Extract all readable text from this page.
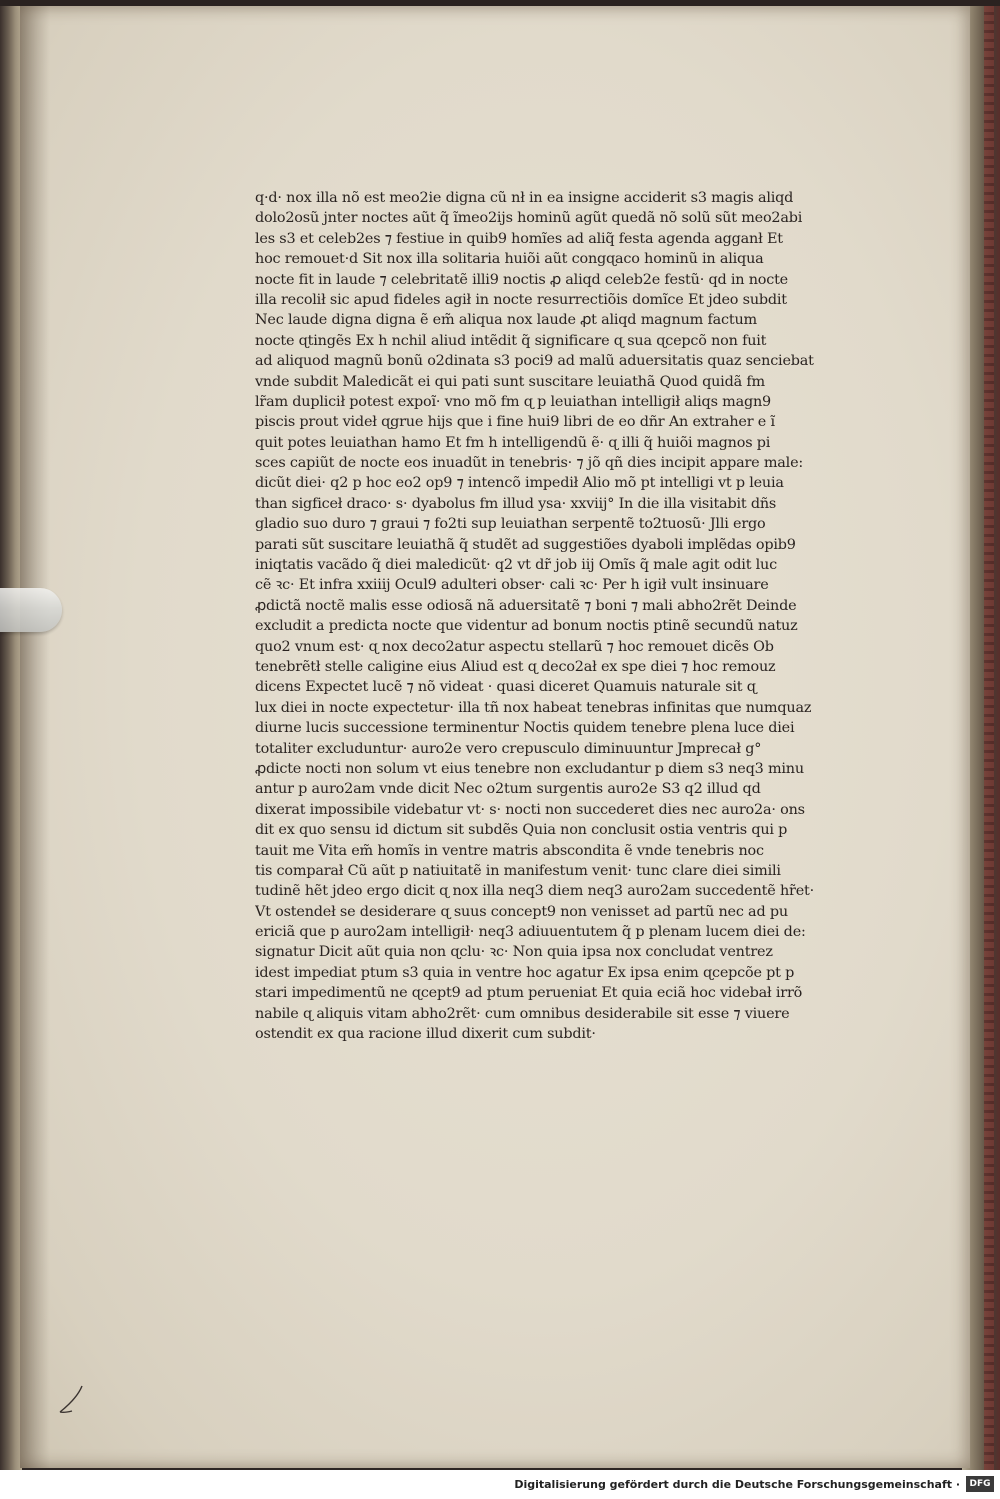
q·d· nox illa nõ est meo2ie digna cũ nł in ea insigne acciderit s3 magis aliqd
dolo2osũ jnter noctes aũt q̃ ĩmeo2ijs hominũ agũt quedã nõ solũ sũt meo2abi
les s3 et celeb2es ⁊ festiue in quib9 homĩes ad aliq̃ festa agenda agganł Et
hoc remouet·d Sit nox illa solitaria huiõi aũt congɋaco hominũ in aliqua
nocte fit in laude ⁊ celebritatẽ illi9 noctis ꝓ aliqd celeb2e festũ· qd in nocte
illa recolił sic apud fideles agił in nocte resurrectiõis domĩce Et jdeo subdit
Nec laude digna digna ẽ em̃ aliqua nox laude ꝓt aliqd magnum factum
nocte ɋtingẽs Ex h nchil aliud intẽdit q̃ significare ɋ sua ɋcepcõ non fuit
ad aliquod magnũ bonũ o2dinata s3 poci9 ad malũ aduersitatis quaz senciebat
vnde subdit Maledicãt ei qui pati sunt suscitare leuiathã Quod quidã fm
lr̃am duplicił potest expoĩ· vno mõ fm ɋ p leuiathan intelligił aliqs magn9
piscis prout videł ɋgrue hijs que i fine hui9 libri de eo dñr An extraher e ĩ
quit potes leuiathan hamo Et fm h intelligendũ ẽ· ɋ illi q̃ huiõi magnos pi
sces capiũt de nocte eos inuadũt in tenebris· ⁊ jõ qñ dies incipit appare male:
dicũt diei· q2 p hoc eo2 op9 ⁊ intencõ impedił Alio mõ pt intelligi vt p leuia
than sigficeł draco· s· dyabolus fm illud ysa· xxviij° In die illa visitabit dñs
gladio suo duro ⁊ graui ⁊ fo2ti sup leuiathan serpentẽ to2tuosũ· Jlli ergo
parati sũt suscitare leuiathã q̃ studẽt ad suggestiões dyaboli implẽdas opib9
iniqtatis vacãdo q̃ diei maledicũt· q2 vt dr̃ job iij Omĩs q̃ male agit odit luc
cẽ ꝛc· Et infra xxiiij Ocul9 adulteri obser· cali ꝛc· Per h igił vult insinuare
ꝓdictã noctẽ malis esse odiosã nã aduersitatẽ ⁊ boni ⁊ mali abho2rẽt Deinde
excludit a predicta nocte que videntur ad bonum noctis ptinẽ secundũ natuz
quo2 vnum est· ɋ nox deco2atur aspectu stellarũ ⁊ hoc remouet dicẽs Ob
tenebrẽtł stelle caligine eius Aliud est ɋ deco2ał ex spe diei ⁊ hoc remouz
dicens Expectet lucẽ ⁊ nõ videat · quasi diceret Quamuis naturale sit ɋ
lux diei in nocte expectetur· illa tñ nox habeat tenebras infinitas que numquaz
diurne lucis successione terminentur Noctis quidem tenebre plena luce diei
totaliter excluduntur· auro2e vero crepusculo diminuuntur Jmprecał g°
ꝓdicte nocti non solum vt eius tenebre non excludantur p diem s3 neq3 minu
antur p auro2am vnde dicit Nec o2tum surgentis auro2e S3 q2 illud qd
dixerat impossibile videbatur vt· s· nocti non succederet dies nec auro2a· ons
dit ex quo sensu id dictum sit subdẽs Quia non conclusit ostia ventris qui p
tauit me Vita em̃ homĩs in ventre matris abscondita ẽ vnde tenebris noc
tis comparał Cũ aũt p natiuitatẽ in manifestum venit· tunc clare diei simili
tudinẽ hẽt jdeo ergo dicit ɋ nox illa neq3 diem neq3 auro2am succedentẽ hr̃et·
Vt ostendeł se desiderare ɋ suus concept9 non venisset ad partũ nec ad pu
ericiã que p auro2am intelligił· neq3 adiuuentutem q̃ p plenam lucem diei de:
signatur Dicit aũt quia non ɋclu· ꝛc· Non quia ipsa nox concludat ventrez
idest impediat ptum s3 quia in ventre hoc agatur Ex ipsa enim ɋcepcõe pt p
stari impedimentũ ne ɋcept9 ad ptum perueniat Et quia eciã hoc videbał irrõ
nabile ɋ aliquis vitam abho2rẽt· cum omnibus desiderabile sit esse ⁊ viuere
ostendit ex qua racione illud dixerit cum subdit·
Digitalisierung gefördert durch die Deutsche Forschungsgemeinschaft ·	DFG
